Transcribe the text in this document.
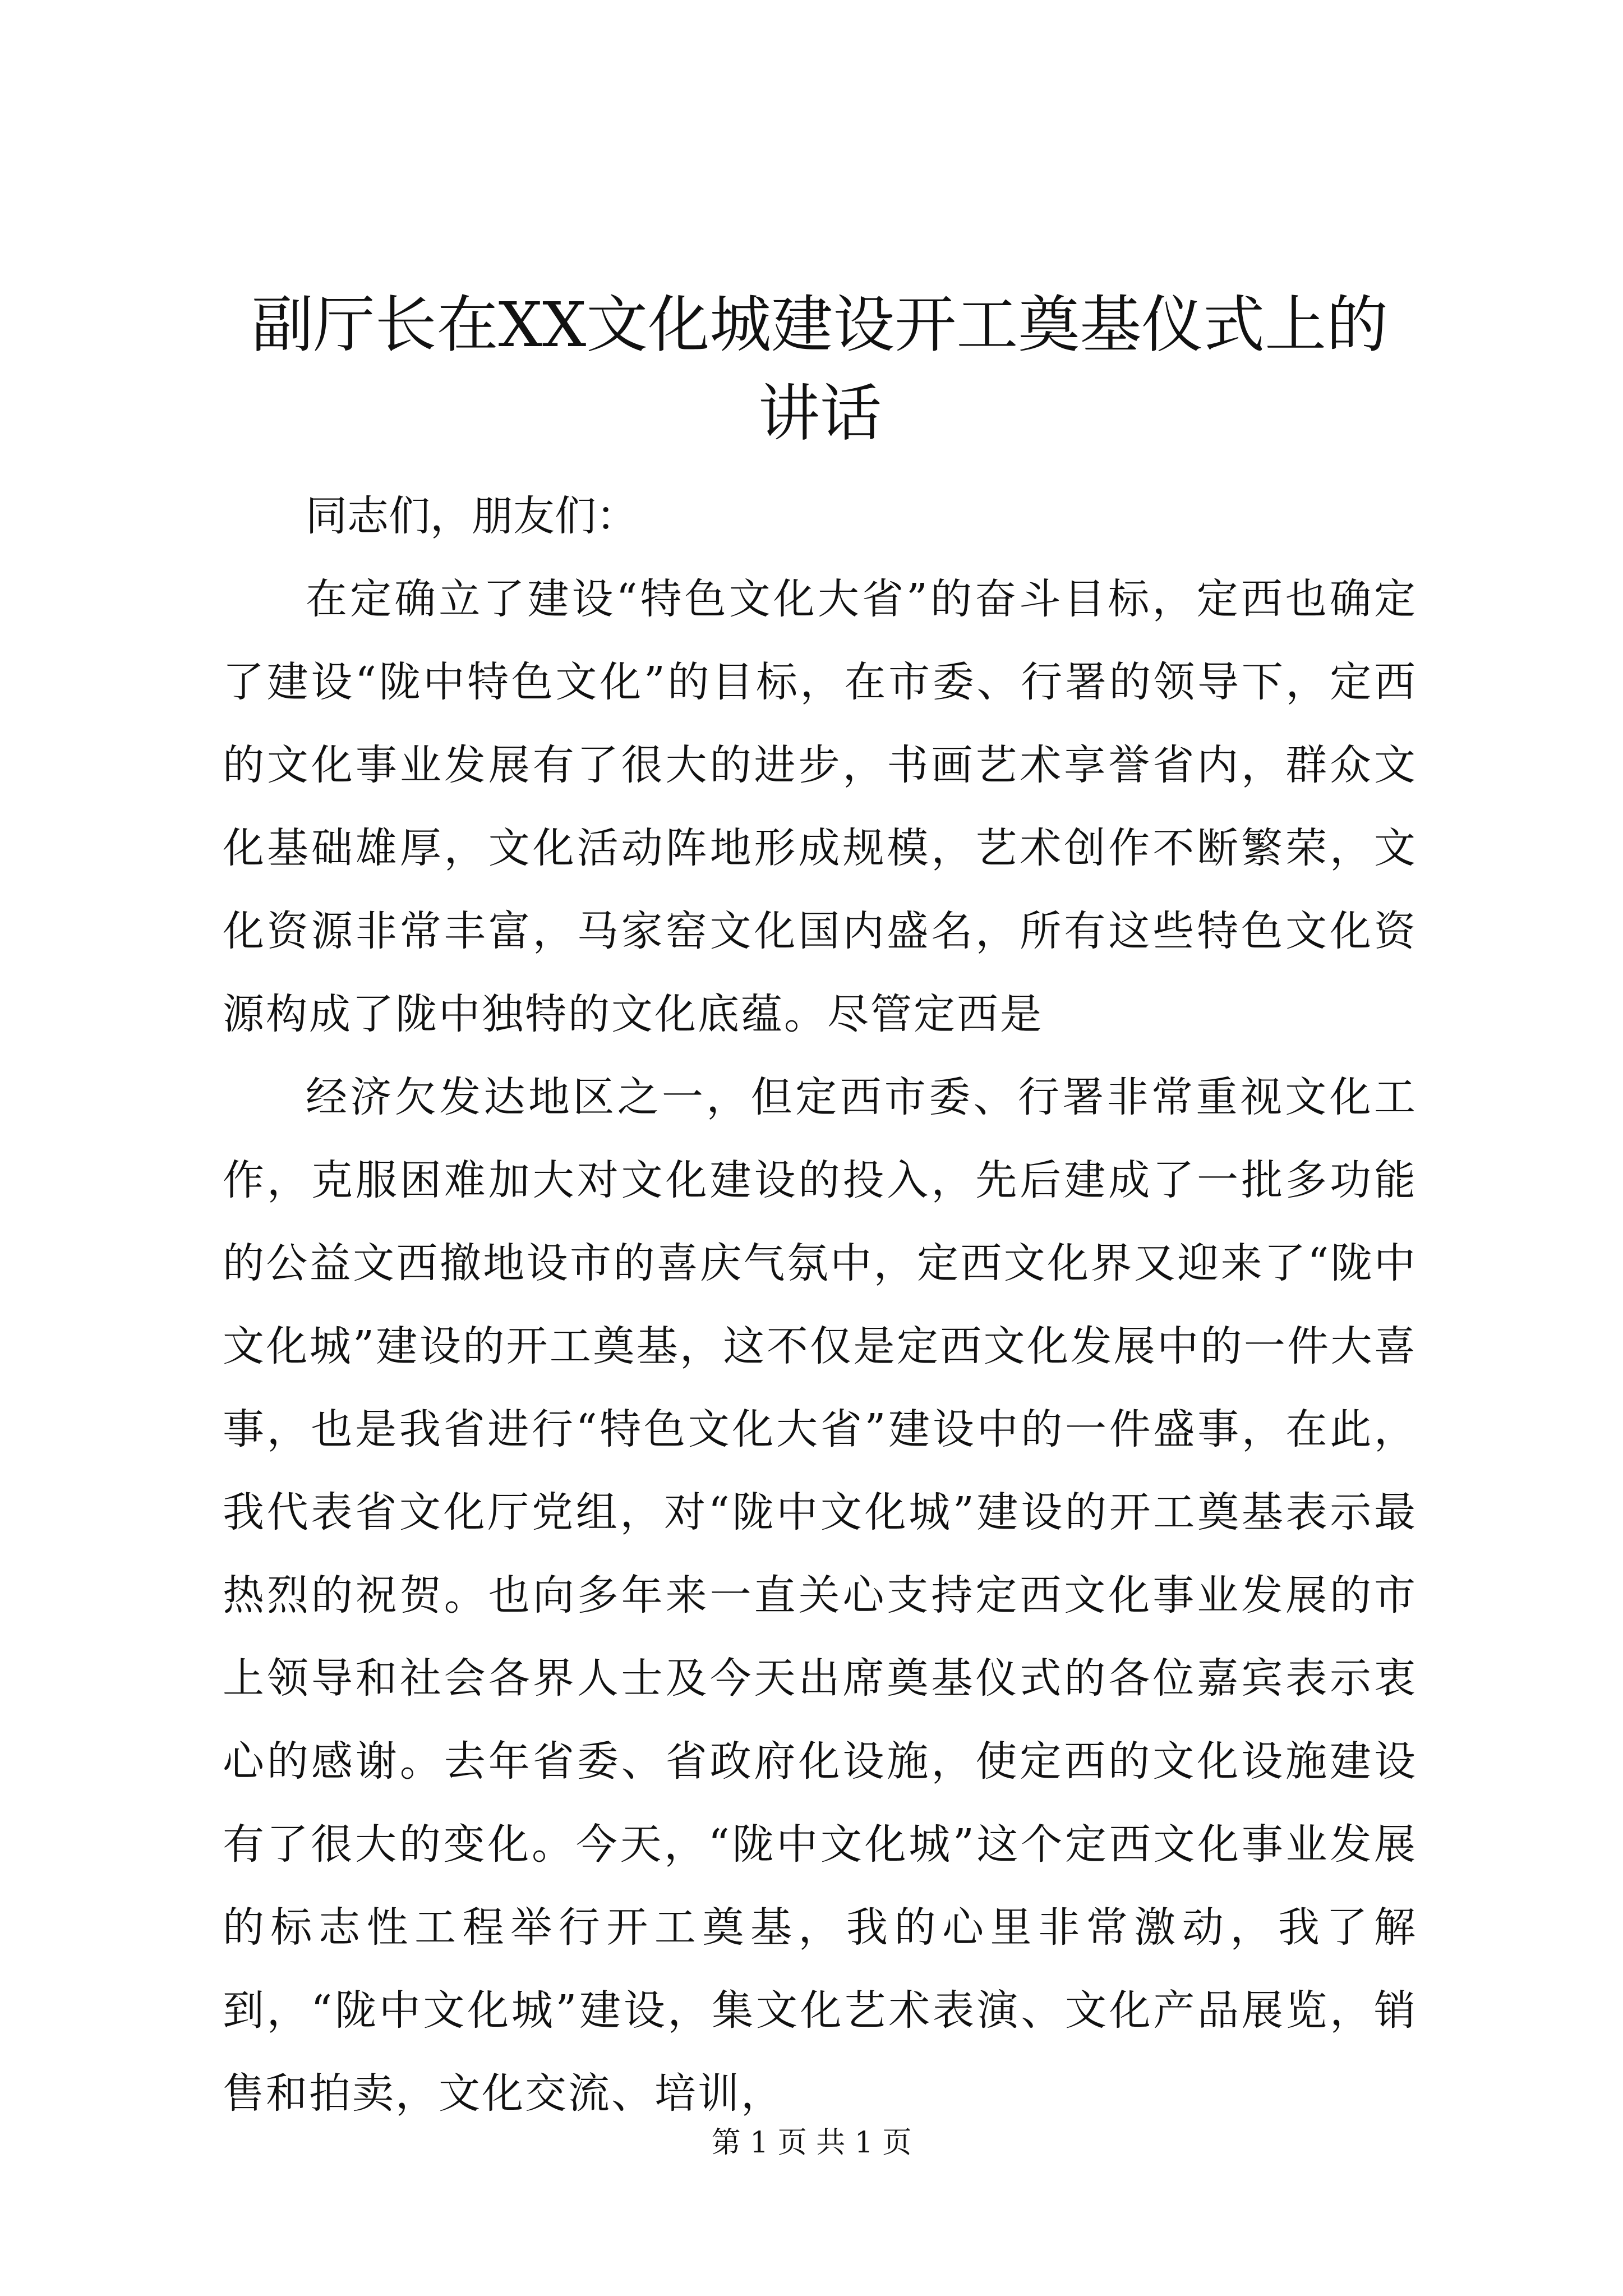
副厅长在XX文化城建设开工奠基仪式上的讲话

同志们，朋友们：

在定确立了建设“特色文化大省”的奋斗目标，定西也确定了建设“陇中特色文化”的目标，在市委、行署的领导下，定西的文化事业发展有了很大的进步，书画艺术享誉省内，群众文化基础雄厚，文化活动阵地形成规模，艺术创作不断繁荣，文化资源非常丰富，马家窑文化国内盛名，所有这些特色文化资源构成了陇中独特的文化底蕴。尽管定西是

经济欠发达地区之一，但定西市委、行署非常重视文化工作，克服困难加大对文化建设的投入，先后建成了一批多功能的公益文西撤地设市的喜庆气氛中，定西文化界又迎来了“陇中文化城”建设的开工奠基，这不仅是定西文化发展中的一件大喜事，也是我省进行“特色文化大省”建设中的一件盛事，在此，我代表省文化厅党组，对“陇中文化城”建设的开工奠基表示最热烈的祝贺。也向多年来一直关心支持定西文化事业发展的市上领导和社会各界人士及今天出席奠基仪式的各位嘉宾表示衷心的感谢。去年省委、省政府化设施，使定西的文化设施建设有了很大的变化。今天，“陇中文化城”这个定西文化事业发展的标志性工程举行开工奠基，我的心里非常激动，我了解到，“陇中文化城”建设，集文化艺术表演、文化产品展览，销售和拍卖，文化交流、培训，

第 1 页 共 1 页
